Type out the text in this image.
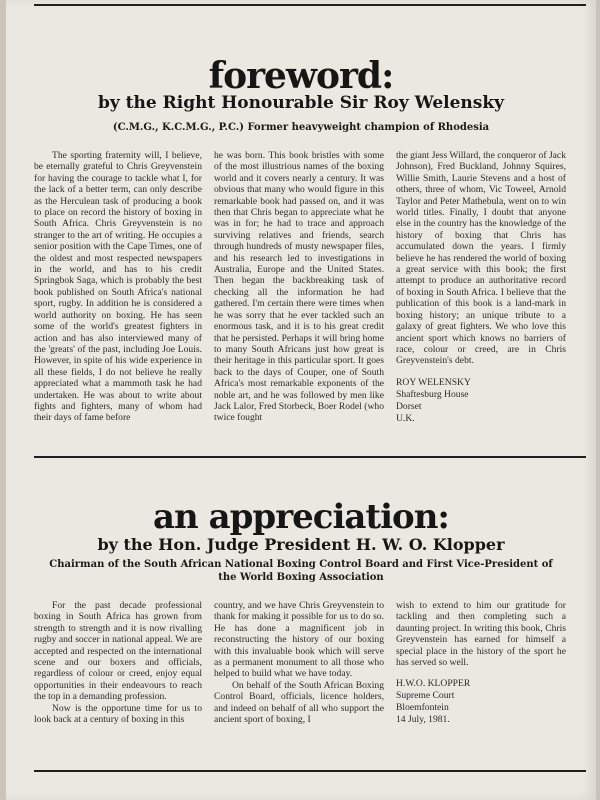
foreword:
by the Right Honourable Sir Roy Welensky
(C.M.G., K.C.M.G., P.C.) Former heavyweight champion of Rhodesia

The sporting fraternity will, I believe, be eternally grateful to Chris Greyvenstein for having the courage to tackle what I, for the lack of a better term, can only describe as the Herculean task of producing a book to place on record the history of boxing in South Africa. Chris Greyvenstein is no stranger to the art of writing. He occupies a senior position with the Cape Times, one of the oldest and most respected newspapers in the world, and has to his credit Springbok Saga, which is probably the best book published on South Africa's national sport, rugby. In addition he is considered a world authority on boxing. He has seen some of the world's greatest fighters in action and has also interviewed many of the 'greats' of the past, including Joe Louis. However, in spite of his wide experience in all these fields, I do not believe he really appreciated what a mammoth task he had undertaken. He was about to write about fights and fighters, many of whom had their days of fame before

he was born. This book bristles with some of the most illustrious names of the boxing world and it covers nearly a century. It was obvious that many who would figure in this remarkable book had passed on, and it was then that Chris began to appreciate what he was in for; he had to trace and approach surviving relatives and friends, search through hundreds of musty newspaper files, and his research led to investigations in Australia, Europe and the United States. Then began the backbreaking task of checking all the information he had gathered. I'm certain there were times when he was sorry that he ever tackled such an enormous task, and it is to his great credit that he persisted. Perhaps it will bring home to many South Africans just how great is their heritage in this particular sport. It goes back to the days of Couper, one of South Africa's most remarkable exponents of the noble art, and he was followed by men like Jack Lalor, Fred Storbeck, Boer Rodel (who twice fought

the giant Jess Willard, the conqueror of Jack Johnson), Fred Buckland, Johnny Squires, Willie Smith, Laurie Stevens and a host of others, three of whom, Vic Toweel, Arnold Taylor and Peter Mathebula, went on to win world titles. Finally, I doubt that anyone else in the country has the knowledge of the history of boxing that Chris has accumulated down the years. I firmly believe he has rendered the world of boxing a great service with this book; the first attempt to produce an authoritative record of boxing in South Africa. I believe that the publication of this book is a land-mark in boxing history; an unique tribute to a galaxy of great fighters. We who love this ancient sport which knows no barriers of race, colour or creed, are in Chris Greyvenstein's debt.

ROY WELENSKY
Shaftesburg House
Dorset
U.K.
an appreciation:
by the Hon. Judge President H. W. O. Klopper
Chairman of the South African National Boxing Control Board and First Vice-President of the World Boxing Association

For the past decade professional boxing in South Africa has grown from strength to strength and it is now rivalling rugby and soccer in national appeal. We are accepted and respected on the international scene and our boxers and officials, regardless of colour or creed, enjoy equal opportunities in their endeavours to reach the top in a demanding profession.

Now is the opportune time for us to look back at a century of boxing in this

country, and we have Chris Greyvenstein to thank for making it possible for us to do so. He has done a magnificent job in reconstructing the history of our boxing with this invaluable book which will serve as a permanent monument to all those who helped to build what we have today.

On behalf of the South African Boxing Control Board, officials, licence holders, and indeed on behalf of all who support the ancient sport of boxing, I

wish to extend to him our gratitude for tackling and then completing such a daunting project. In writing this book, Chris Greyvenstein has earned for himself a special place in the history of the sport he has served so well.

H.W.O. KLOPPER
Supreme Court
Bloemfontein
14 July, 1981.
